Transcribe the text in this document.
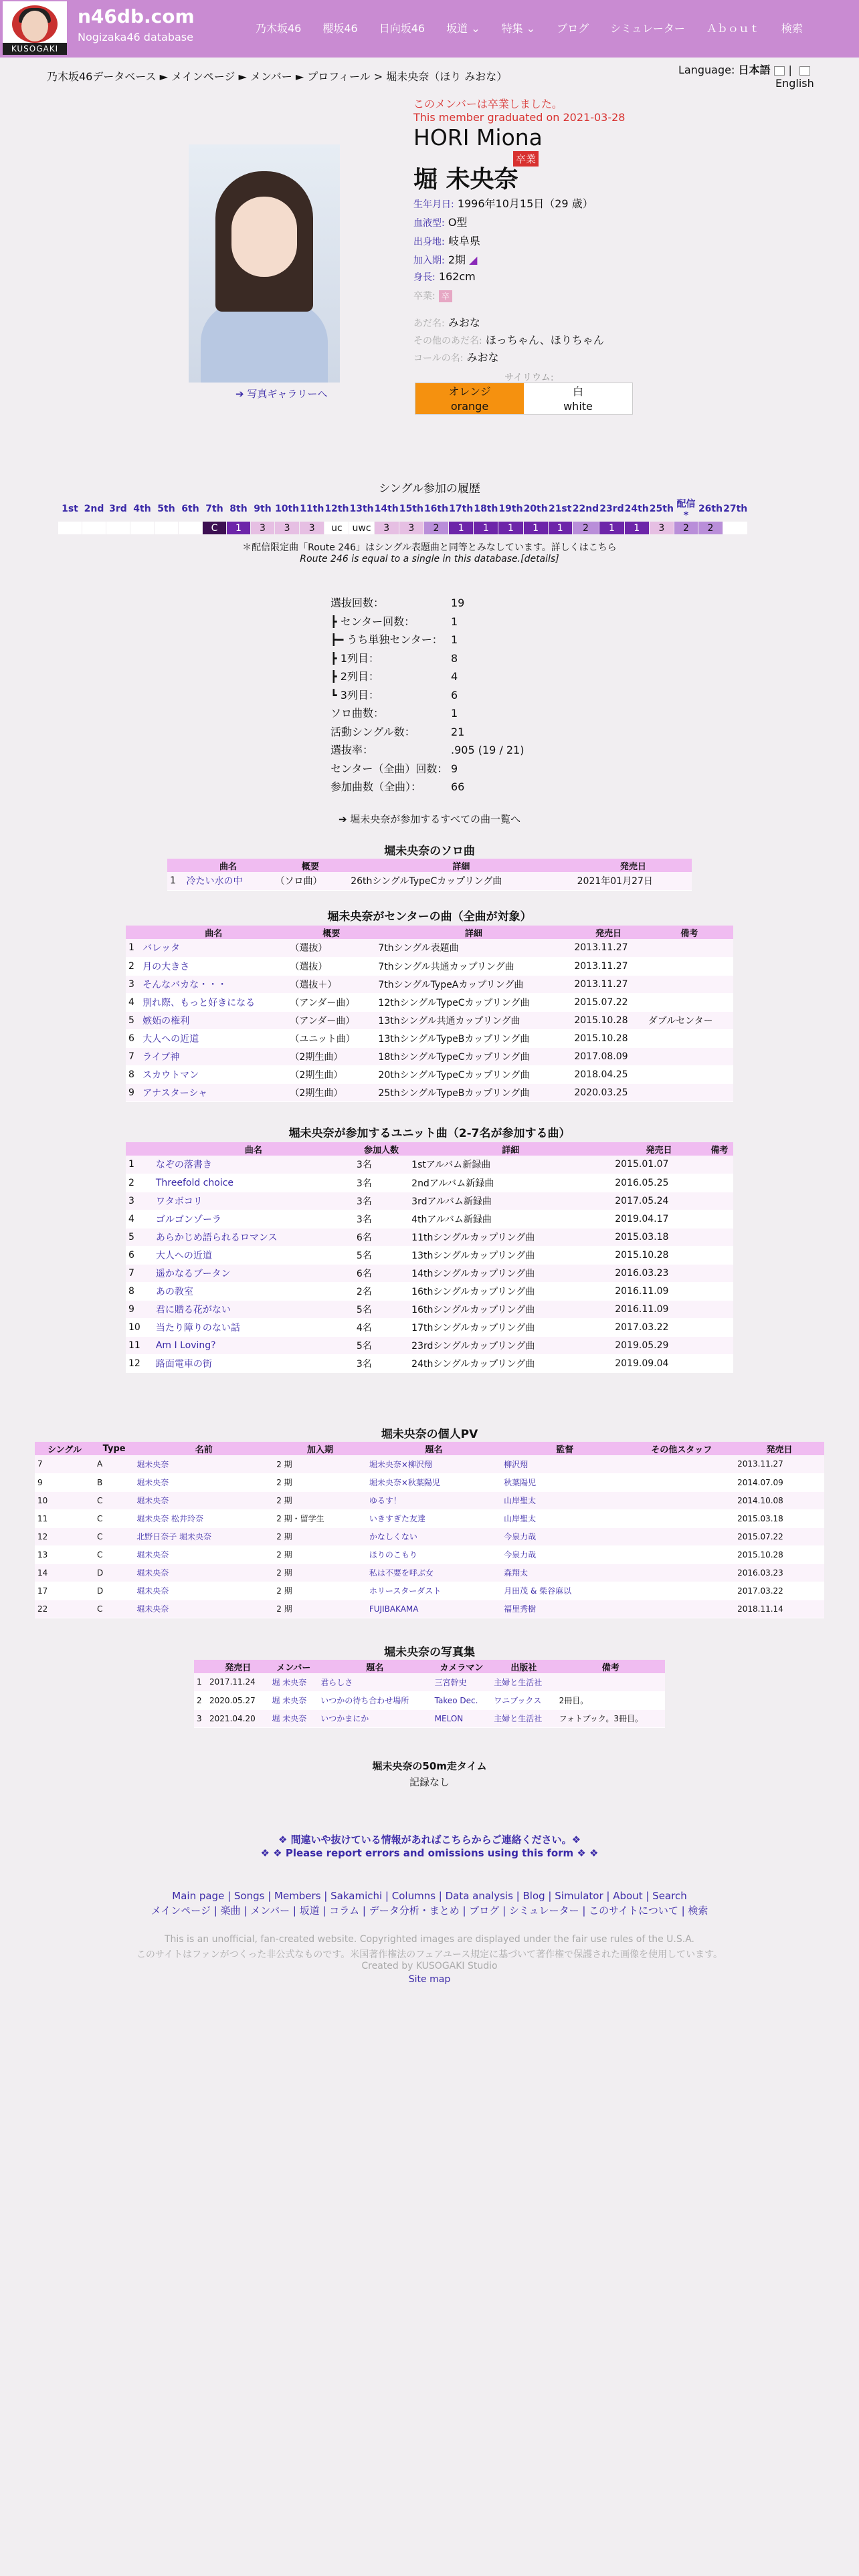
KUSOGAKI
n46db.com
Nogizaka46 database
乃木坂46 櫻坂46 日向坂46 坂道 ⌄ 特集 ⌄ ブログ シミュレーター Ａｂｏｕｔ 検索
乃木坂46データベース ► メインページ ► メンバー ► プロフィール > 堀未央奈（ほり みおな）
Language: 日本語 |
English
➔ 写真ギャラリーへ
このメンバーは卒業しました。
This member graduated on 2021-03-28
HORI Miona
卒業
堀 未央奈
生年月日: 1996年10月15日（29 歳）
血液型: O型
出身地: 岐阜県
加入期: 2期 ◢
身長: 162cm
卒業: 卒
あだ名: みおな
その他のあだ名: ほっちゃん、ほりちゃん
コールの名: みおな
サイリウム:
オレンジ
orange
白
white
シングル参加の履歴
1st	2nd	3rd	4th	5th	6th	7th	8th	9th	10th	11th	12th	13th	14th	15th	16th	17th	18th	19th	20th	21st	22nd	23rd	24th	25th	配信*	26th	27th
						C	1	3	3	3	uc	uwc	3	3	2	1	1	1	1	1	2	1	1	3	2	2	
＊配信限定曲「Route 246」はシングル表題曲と同等とみなしています。詳しくはこちら
Route 246 is equal to a single in this database.[details]
選抜回数：	19
┣ センター回数：	1
┣━ うち単独センター： 1
┣ 1列目：	8
┣ 2列目：	4
┗ 3列目：	6
ソロ曲数：	1
活動シングル数：	21
選抜率：	.905 (19 / 21)
センター（全曲）回数： 9
参加曲数（全曲）：	66
➔ 堀未央奈が参加するすべての曲一覧へ
堀未央奈のソロ曲
	曲名	概要	詳細	発売日
1	冷たい水の中	（ソロ曲）	26thシングルTypeCカップリング曲	2021年01月27日
堀未央奈がセンターの曲（全曲が対象）
	曲名	概要	詳細	発売日	備考
1	バレッタ	（選抜）	7thシングル表題曲	2013.11.27	
2	月の大きさ	（選抜）	7thシングル共通カップリング曲	2013.11.27	
3	そんなバカな・・・	（選抜＋）	7thシングルTypeAカップリング曲	2013.11.27	
4	別れ際、もっと好きになる	（アンダー曲）	12thシングルTypeCカップリング曲	2015.07.22	
5	嫉妬の権利	（アンダー曲）	13thシングル共通カップリング曲	2015.10.28	ダブルセンター
6	大人への近道	（ユニット曲）	13thシングルTypeBカップリング曲	2015.10.28	
7	ライブ神	（2期生曲）	18thシングルTypeCカップリング曲	2017.08.09	
8	スカウトマン	（2期生曲）	20thシングルTypeCカップリング曲	2018.04.25	
9	アナスターシャ	（2期生曲）	25thシングルTypeBカップリング曲	2020.03.25	
堀未央奈が参加するユニット曲（2-7名が参加する曲）
	曲名	参加人数	詳細	発売日	備考
1	なぞの落書き	3名	1stアルバム新録曲	2015.01.07	
2	Threefold choice	3名	2ndアルバム新録曲	2016.05.25	
3	ワタボコリ	3名	3rdアルバム新録曲	2017.05.24	
4	ゴルゴンゾーラ	3名	4thアルバム新録曲	2019.04.17	
5	あらかじめ語られるロマンス	6名	11thシングルカップリング曲	2015.03.18	
6	大人への近道	5名	13thシングルカップリング曲	2015.10.28	
7	遥かなるブータン	6名	14thシングルカップリング曲	2016.03.23	
8	あの教室	2名	16thシングルカップリング曲	2016.11.09	
9	君に贈る花がない	5名	16thシングルカップリング曲	2016.11.09	
10	当たり障りのない話	4名	17thシングルカップリング曲	2017.03.22	
11	Am I Loving?	5名	23rdシングルカップリング曲	2019.05.29	
12	路面電車の街	3名	24thシングルカップリング曲	2019.09.04	
堀未央奈の個人PV
シングル	Type	名前	加入期	題名	監督	その他スタッフ	発売日
7	A	堀未央奈	2 期	堀未央奈×柳沢翔	柳沢翔		2013.11.27
9	B	堀未央奈	2 期	堀未央奈×秋葉陽児	秋葉陽児		2014.07.09
10	C	堀未央奈	2 期	ゆるす！	山岸聖太		2014.10.08
11	C	堀未央奈 松井玲奈	2 期・留学生	いきすぎた友達	山岸聖太		2015.03.18
12	C	北野日奈子 堀未央奈	2 期	かなしくない	今泉力哉		2015.07.22
13	C	堀未央奈	2 期	ほりのこもり	今泉力哉		2015.10.28
14	D	堀未央奈	2 期	私は不要を呼ぶ女	森翔太		2016.03.23
17	D	堀未央奈	2 期	ホリースターダスト	月田茂 & 柴谷麻以		2017.03.22
22	C	堀未央奈	2 期	FUJIBAKAMA	福里秀樹		2018.11.14
堀未央奈の写真集
	発売日	メンバー	題名	カメラマン	出版社	備考
1	2017.11.24	堀 未央奈	君らしさ	三宮幹史	主婦と生活社	
2	2020.05.27	堀 未央奈	いつかの待ち合わせ場所	Takeo Dec.	ワニブックス	2冊目。
3	2021.04.20	堀 未央奈	いつかまにか	MELON	主婦と生活社	フォトブック。3冊目。
堀未央奈の50m走タイム
記録なし
❖ 間違いや抜けている情報があればこちらからご連絡ください。❖
❖ ❖ Please report errors and omissions using this form ❖ ❖
Main page | Songs | Members | Sakamichi | Columns | Data analysis | Blog | Simulator | About | Search
メインページ | 楽曲 | メンバー | 坂道 | コラム | データ分析・まとめ | ブログ | シミュレーター | このサイトについて | 検索
This is an unofficial, fan-created website. Copyrighted images are displayed under the fair use rules of the U.S.A.
このサイトはファンがつくった非公式なものです。米国著作権法のフェアユース規定に基づいて著作権で保護された画像を使用しています。
Created by KUSOGAKI Studio
Site map
